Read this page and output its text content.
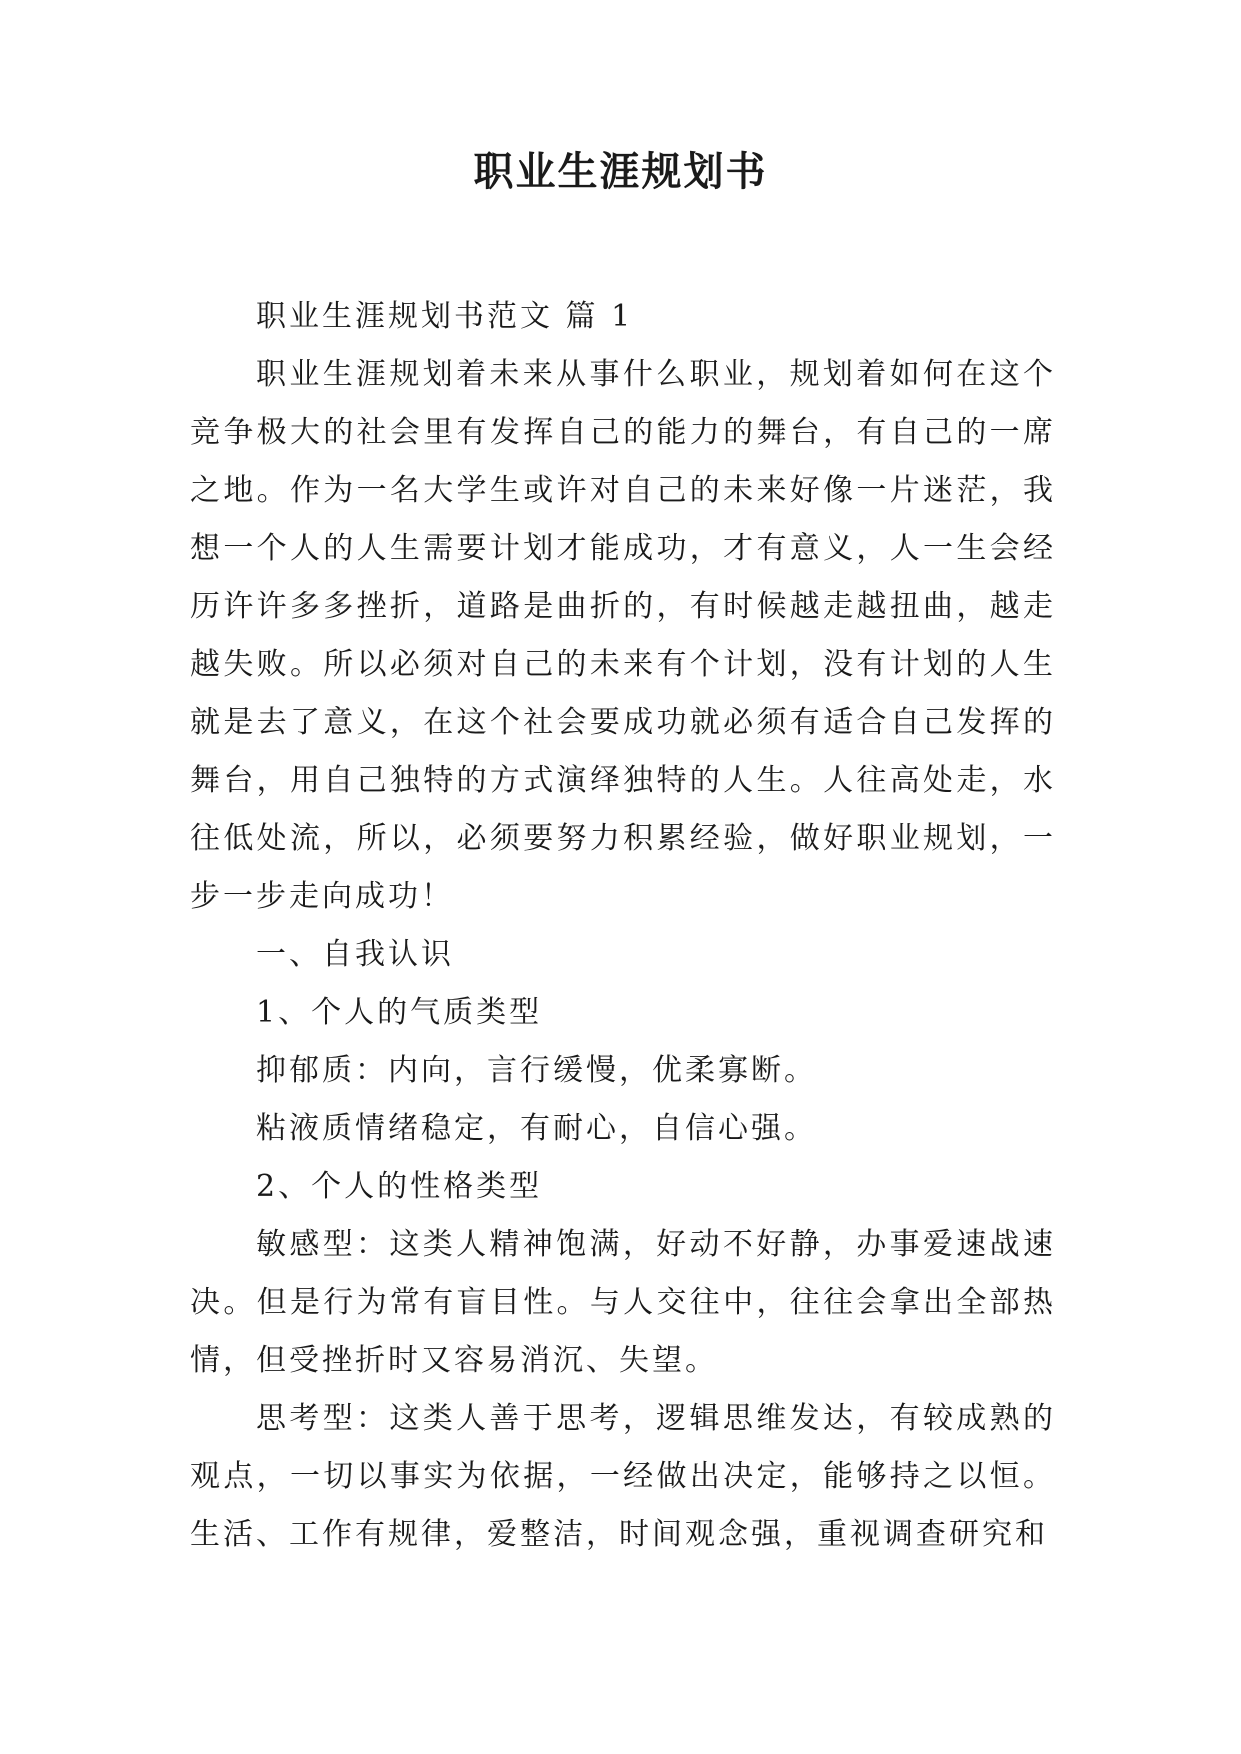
职业生涯规划书

职业生涯规划书范文 篇 1

职业生涯规划着未来从事什么职业，规划着如何在这个竞争极大的社会里有发挥自己的能力的舞台，有自己的一席之地。作为一名大学生或许对自己的未来好像一片迷茫，我想一个人的人生需要计划才能成功，才有意义，人一生会经历许许多多挫折，道路是曲折的，有时候越走越扭曲，越走越失败。所以必须对自己的未来有个计划，没有计划的人生就是去了意义，在这个社会要成功就必须有适合自己发挥的舞台，用自己独特的方式演绎独特的人生。人往高处走，水往低处流，所以，必须要努力积累经验，做好职业规划，一步一步走向成功！

一、自我认识

1、个人的气质类型

抑郁质：内向，言行缓慢，优柔寡断。

粘液质情绪稳定，有耐心，自信心强。

2、个人的性格类型

敏感型：这类人精神饱满，好动不好静，办事爱速战速决。但是行为常有盲目性。与人交往中，往往会拿出全部热情，但受挫折时又容易消沉、失望。

思考型：这类人善于思考，逻辑思维发达，有较成熟的观点，一切以事实为依据，一经做出决定，能够持之以恒。生活、工作有规律，爱整洁，时间观念强，重视调查研究和
